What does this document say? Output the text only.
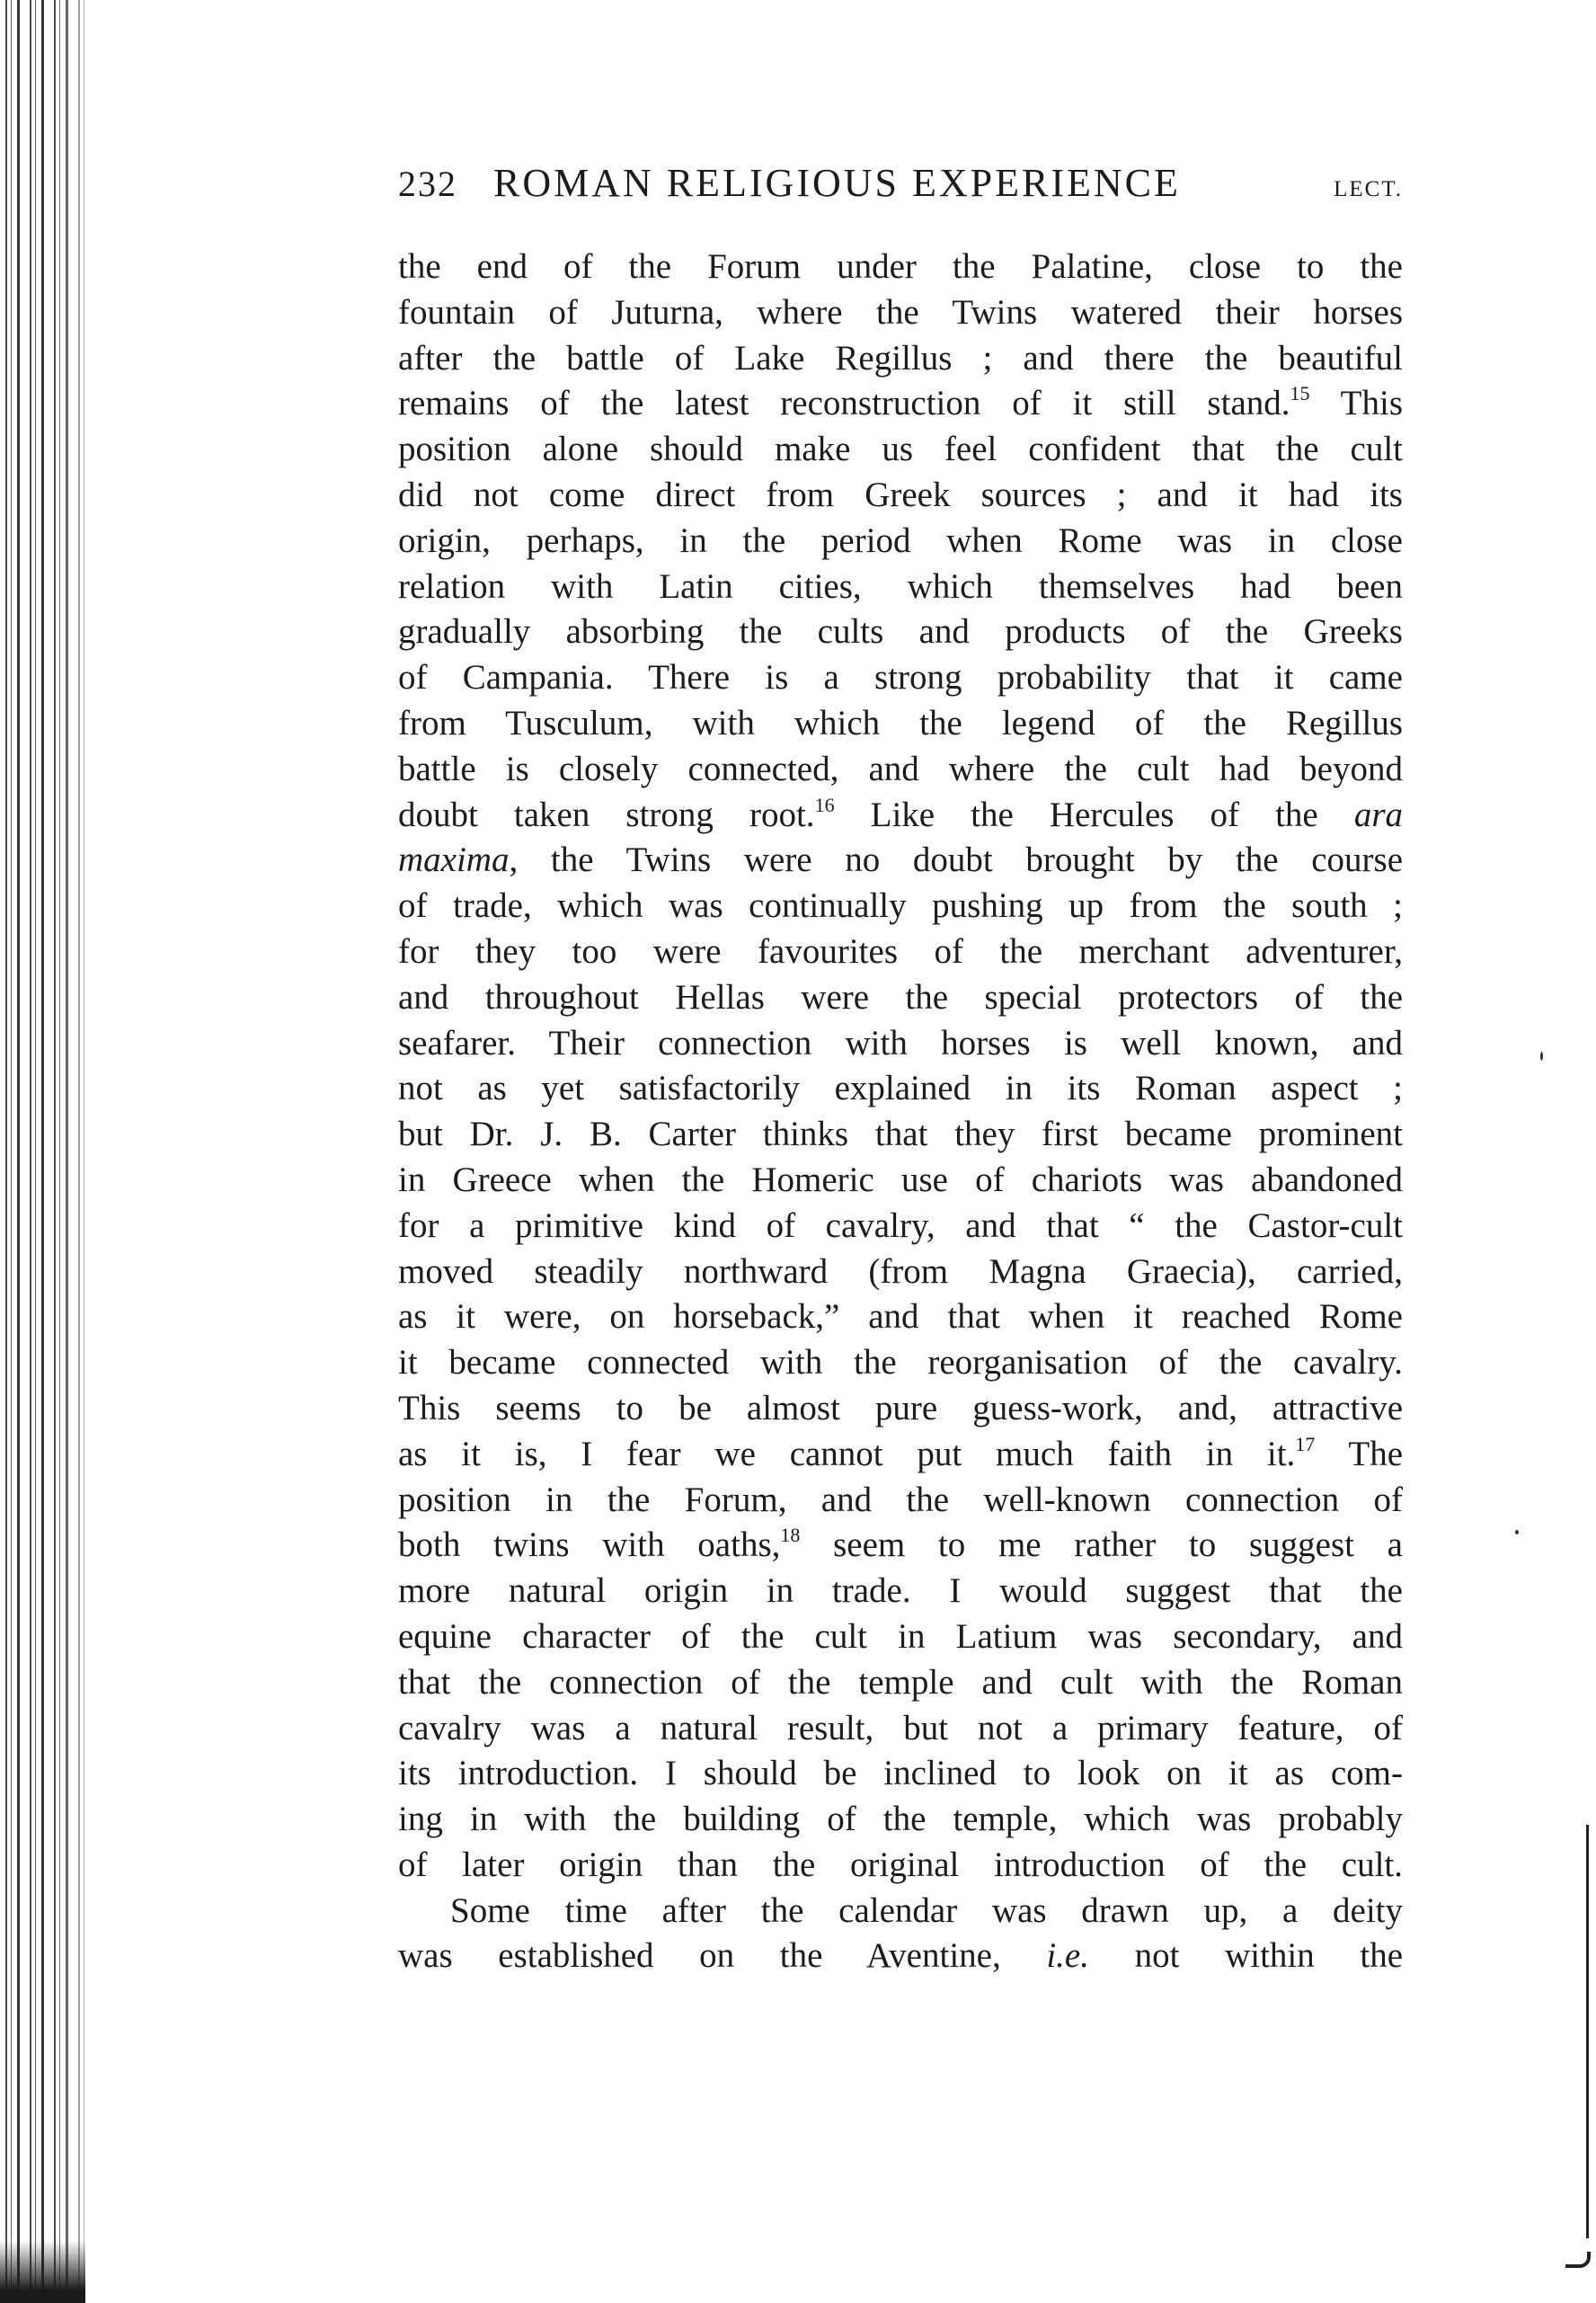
232 ROMAN RELIGIOUS EXPERIENCE	LECT.
the end of the Forum under the Palatine, close to the
fountain of Juturna, where the Twins watered their horses
after the battle of Lake Regillus ; and there the beautiful
remains of the latest reconstruction of it still stand.$^{15}$ This
position alone should make us feel confident that the cult
did not come direct from Greek sources ; and it had its
origin, perhaps, in the period when Rome was in close
relation with Latin cities, which themselves had been
gradually absorbing the cults and products of the Greeks
of Campania. There is a strong probability that it came
from Tusculum, with which the legend of the Regillus
battle is closely connected, and where the cult had beyond
doubt taken strong root.$^{16}$ Like the Hercules of the ara
maxima, the Twins were no doubt brought by the course
of trade, which was continually pushing up from the south ;
for they too were favourites of the merchant adventurer,
and throughout Hellas were the special protectors of the
seafarer. Their connection with horses is well known, and
not as yet satisfactorily explained in its Roman aspect ;
but Dr. J. B. Carter thinks that they first became prominent
in Greece when the Homeric use of chariots was abandoned
for a primitive kind of cavalry, and that “ the Castor-cult
moved steadily northward (from Magna Graecia), carried,
as it were, on horseback,” and that when it reached Rome
it became connected with the reorganisation of the cavalry.
This seems to be almost pure guess-work, and, attractive
as it is, I fear we cannot put much faith in it.$^{17}$ The
position in the Forum, and the well-known connection of
both twins with oaths,$^{18}$ seem to me rather to suggest a
more natural origin in trade. I would suggest that the
equine character of the cult in Latium was secondary, and
that the connection of the temple and cult with the Roman
cavalry was a natural result, but not a primary feature, of
its introduction. I should be inclined to look on it as com-
ing in with the building of the temple, which was probably
of later origin than the original introduction of the cult.
Some time after the calendar was drawn up, a deity
was established on the Aventine, i.e. not within the
